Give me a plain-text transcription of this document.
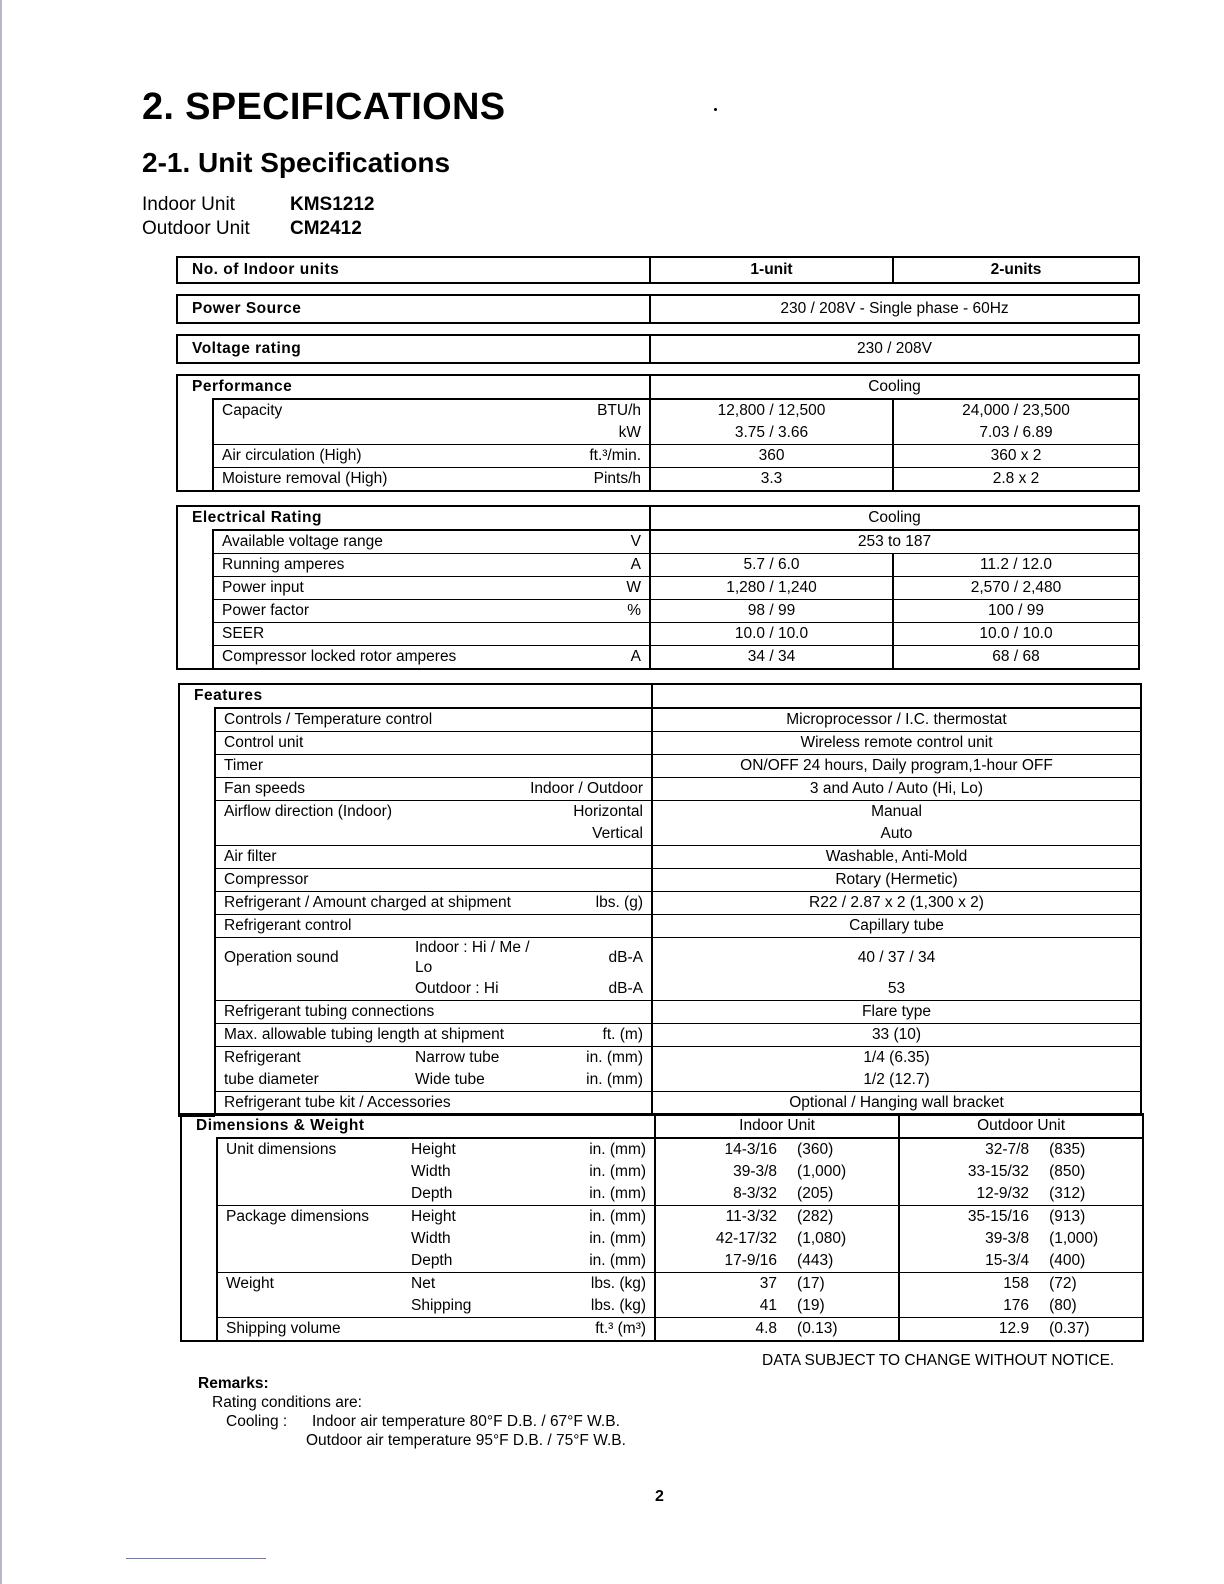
2. SPECIFICATIONS
2-1. Unit Specifications
Indoor Unit	KMS1212
Outdoor Unit	CM2412
No. of Indoor units	1-unit	2-units
Power Source	230 / 208V - Single phase - 60Hz
Voltage rating	230 / 208V
Performance		Cooling	
	Capacity BTU/h	12,800 / 12,500	24,000 / 23,500
	kW	3.75 / 3.66	7.03 / 6.89
	Air circulation (High) ft.³/min.	360	360 x 2
	Moisture removal (High) Pints/h	3.3	2.8 x 2
Electrical Rating		Cooling	
	Available voltage range V	253 to 187	
	Running amperes A	5.7 / 6.0	11.2 / 12.0
	Power input W	1,280 / 1,240	2,570 / 2,480
	Power factor %	98 / 99	100 / 99
	SEER	10.0 / 10.0	10.0 / 10.0
	Compressor locked rotor amperes A	34 / 34	68 / 68
Features				
	Controls / Temperature control			Microprocessor / I.C. thermostat
	Control unit			Wireless remote control unit
	Timer			ON/OFF 24 hours, Daily program,1-hour OFF
	Fan speeds	Indoor / Outdoor		3 and Auto / Auto (Hi, Lo)
	Airflow direction (Indoor)		Horizontal	Manual
			Vertical	Auto
	Air filter			Washable, Anti-Mold
	Compressor			Rotary (Hermetic)
	Refrigerant / Amount charged at shipment		lbs. (g)	R22 / 2.87 x 2 (1,300 x 2)
	Refrigerant control			Capillary tube
	Operation sound	Indoor : Hi / Me / Lo	dB-A	40 / 37 / 34
		Outdoor : Hi	dB-A	53
	Refrigerant tubing connections			Flare type
	Max. allowable tubing length at shipment		ft. (m)	33 (10)
	Refrigerant	Narrow tube	in. (mm)	1/4 (6.35)
	tube diameter	Wide tube	in. (mm)	1/2 (12.7)
	Refrigerant tube kit / Accessories			Optional / Hanging wall bracket

Dimensions & Weight				Indoor Unit		Outdoor Unit	
	Unit dimensions	Height	in. (mm)	14-3/16	(360)	32-7/8	(835)
		Width	in. (mm)	39-3/8	(1,000)	33-15/32	(850)
		Depth	in. (mm)	8-3/32	(205)	12-9/32	(312)
	Package dimensions	Height	in. (mm)	11-3/32	(282)	35-15/16	(913)
		Width	in. (mm)	42-17/32	(1,080)	39-3/8	(1,000)
		Depth	in. (mm)	17-9/16	(443)	15-3/4	(400)
	Weight	Net	lbs. (kg)	37	(17)	158	(72)
		Shipping	lbs. (kg)	41	(19)	176	(80)
	Shipping volume		ft.³ (m³)	4.8	(0.13)	12.9	(0.37)
DATA SUBJECT TO CHANGE WITHOUT NOTICE.
Remarks:
Rating conditions are:
Cooling :	Indoor air temperature 80°F D.B. / 67°F W.B.
Outdoor air temperature 95°F D.B. / 75°F W.B.
2
